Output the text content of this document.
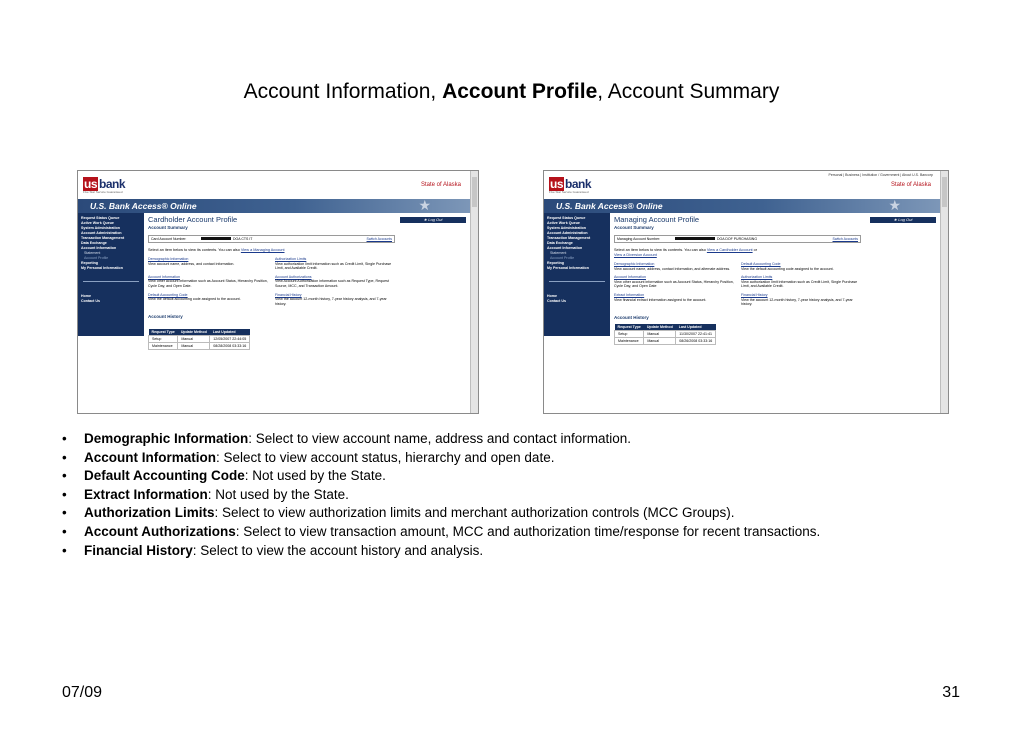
Account Information, Account Profile, Account Summary
us bank
Five Star Service Guaranteed
State of Alaska
U.S. Bank Access® Online	★
Request Status Queue
Active Work Queue
System Administration
Account Administration
Transaction Management
Data Exchange
Account Information
Statement
Account Profile
Reporting
My Personal Information
Home
Contact Us
★ Log Out
Cardholder Account Profile
Account Summary
Card Account Number:	DOA CTS IT	Switch Accounts
Select an item below to view its contents. You can also View a Managing Account
Demographic Information
View account name, address, and contact information.
Authorization Limits
View authorization limit information such as Credit Limit, Single Purchase Limit, and Available Credit.
Account Information
View other account information such as Account Status, Hierarchy Position, Cycle Day, and Open Date.
Account Authorizations
View Account Authorization information such as Request Type, Request Source, MCC, and Transaction Amount.
Default Accounting Code
View the default accounting code assigned to the account.
Financial History
View the account 12-month history, 7-year history analysis, and 7-year history.
Account History
Request Type	Update Method	Last Updated
Setup	Manual	12/05/2007 22:44:05
Maintenance	Manual	08/28/2008 03:33:16
us bank
Five Star Service Guaranteed
Personal | Business | Institution / Government | About U.S. Bancorp
State of Alaska
U.S. Bank Access® Online	★
Request Status Queue
Active Work Queue
System Administration
Account Administration
Transaction Management
Data Exchange
Account Information
Statement
Account Profile
Reporting
My Personal Information
Home
Contact Us
★ Log Out
Managing Account Profile
Account Summary
Managing Account Number:	DOA DOF PURCHASING	Switch Accounts
Select an item below to view its contents. You can also View a Cardholder Account or
View a Diversion Account
Demographic Information
View account name, address, contact information, and alternate address.
Default Accounting Code
View the default accounting code assigned to the account.
Account Information
View other account information such as Account Status, Hierarchy Position, Cycle Day, and Open Date
Authorization Limits
View authorization limit information such as Credit Limit, Single Purchase Limit, and Available Credit.
Extract Information
View financial extract information assigned to the account.
Financial History
View the account 12-month history, 7-year history analysis, and 7-year history.
Account History
Request Type	Update Method	Last Updated
Setup	Manual	11/30/2007 22:41:41
Maintenance	Manual	08/26/2008 03:33:16
• Demographic Information: Select to view account name, address and contact information.
• Account Information: Select to view account status, hierarchy and open date.
• Default Accounting Code: Not used by the State.
• Extract Information: Not used by the State.
• Authorization Limits: Select to view authorization limits and merchant authorization controls (MCC Groups).
• Account Authorizations: Select to view transaction amount, MCC and authorization time/response for recent transactions.
• Financial History: Select to view the account history and analysis.
07/09	31
